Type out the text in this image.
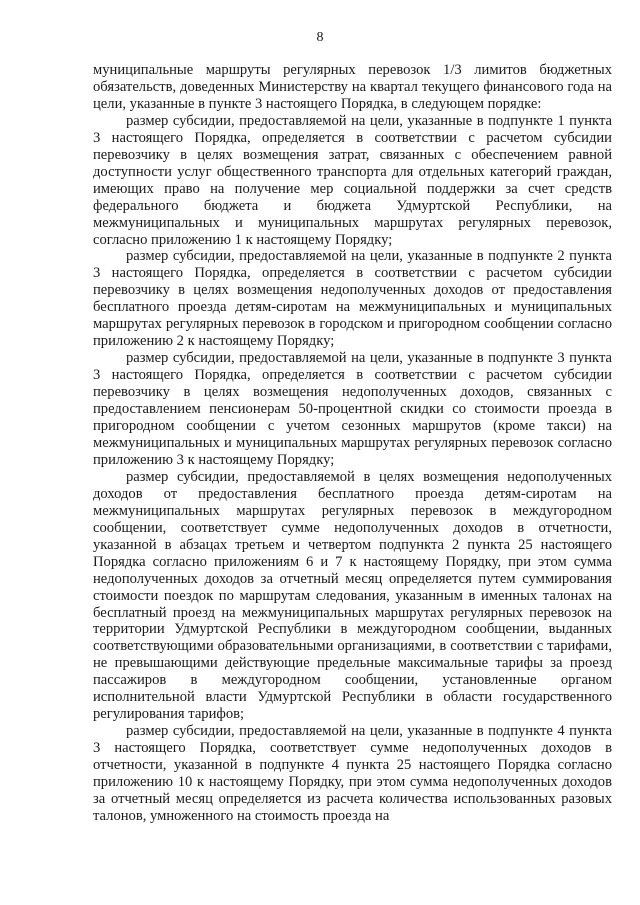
8

муниципальные маршруты регулярных перевозок 1/3 лимитов бюджетных обязательств, доведенных Министерству на квартал текущего финансового года на цели, указанные в пункте 3 настоящего Порядка, в следующем порядке:

размер субсидии, предоставляемой на цели, указанные в подпункте 1 пункта 3 настоящего Порядка, определяется в соответствии с расчетом субсидии перевозчику в целях возмещения затрат, связанных с обеспечением равной доступности услуг общественного транспорта для отдельных категорий граждан, имеющих право на получение мер социальной поддержки за счет средств федерального бюджета и бюджета Удмуртской Республики, на межмуниципальных и муниципальных маршрутах регулярных перевозок, согласно приложению 1 к настоящему Порядку;

размер субсидии, предоставляемой на цели, указанные в подпункте 2 пункта 3 настоящего Порядка, определяется в соответствии с расчетом субсидии перевозчику в целях возмещения недополученных доходов от предоставления бесплатного проезда детям-сиротам на межмуниципальных и муниципальных маршрутах регулярных перевозок в городском и пригородном сообщении согласно приложению 2 к настоящему Порядку;

размер субсидии, предоставляемой на цели, указанные в подпункте 3 пункта 3 настоящего Порядка, определяется в соответствии с расчетом субсидии перевозчику в целях возмещения недополученных доходов, связанных с предоставлением пенсионерам 50-процентной скидки со стоимости проезда в пригородном сообщении с учетом сезонных маршрутов (кроме такси) на межмуниципальных и муниципальных маршрутах регулярных перевозок согласно приложению 3 к настоящему Порядку;

размер субсидии, предоставляемой в целях возмещения недополученных доходов от предоставления бесплатного проезда детям-сиротам на межмуниципальных маршрутах регулярных перевозок в междугородном сообщении, соответствует сумме недополученных доходов в отчетности, указанной в абзацах третьем и четвертом подпункта 2 пункта 25 настоящего Порядка согласно приложениям 6 и 7 к настоящему Порядку, при этом сумма недополученных доходов за отчетный месяц определяется путем суммирования стоимости поездок по маршрутам следования, указанным в именных талонах на бесплатный проезд на межмуниципальных маршрутах регулярных перевозок на территории Удмуртской Республики в междугородном сообщении, выданных соответствующими образовательными организациями, в соответствии с тарифами, не превышающими действующие предельные максимальные тарифы за проезд пассажиров в междугородном сообщении, установленные органом исполнительной власти Удмуртской Республики в области государственного регулирования тарифов;

размер субсидии, предоставляемой на цели, указанные в подпункте 4 пункта 3 настоящего Порядка, соответствует сумме недополученных доходов в отчетности, указанной в подпункте 4 пункта 25 настоящего Порядка согласно приложению 10 к настоящему Порядку, при этом сумма недополученных доходов за отчетный месяц определяется из расчета количества использованных разовых талонов, умноженного на стоимость проезда на
